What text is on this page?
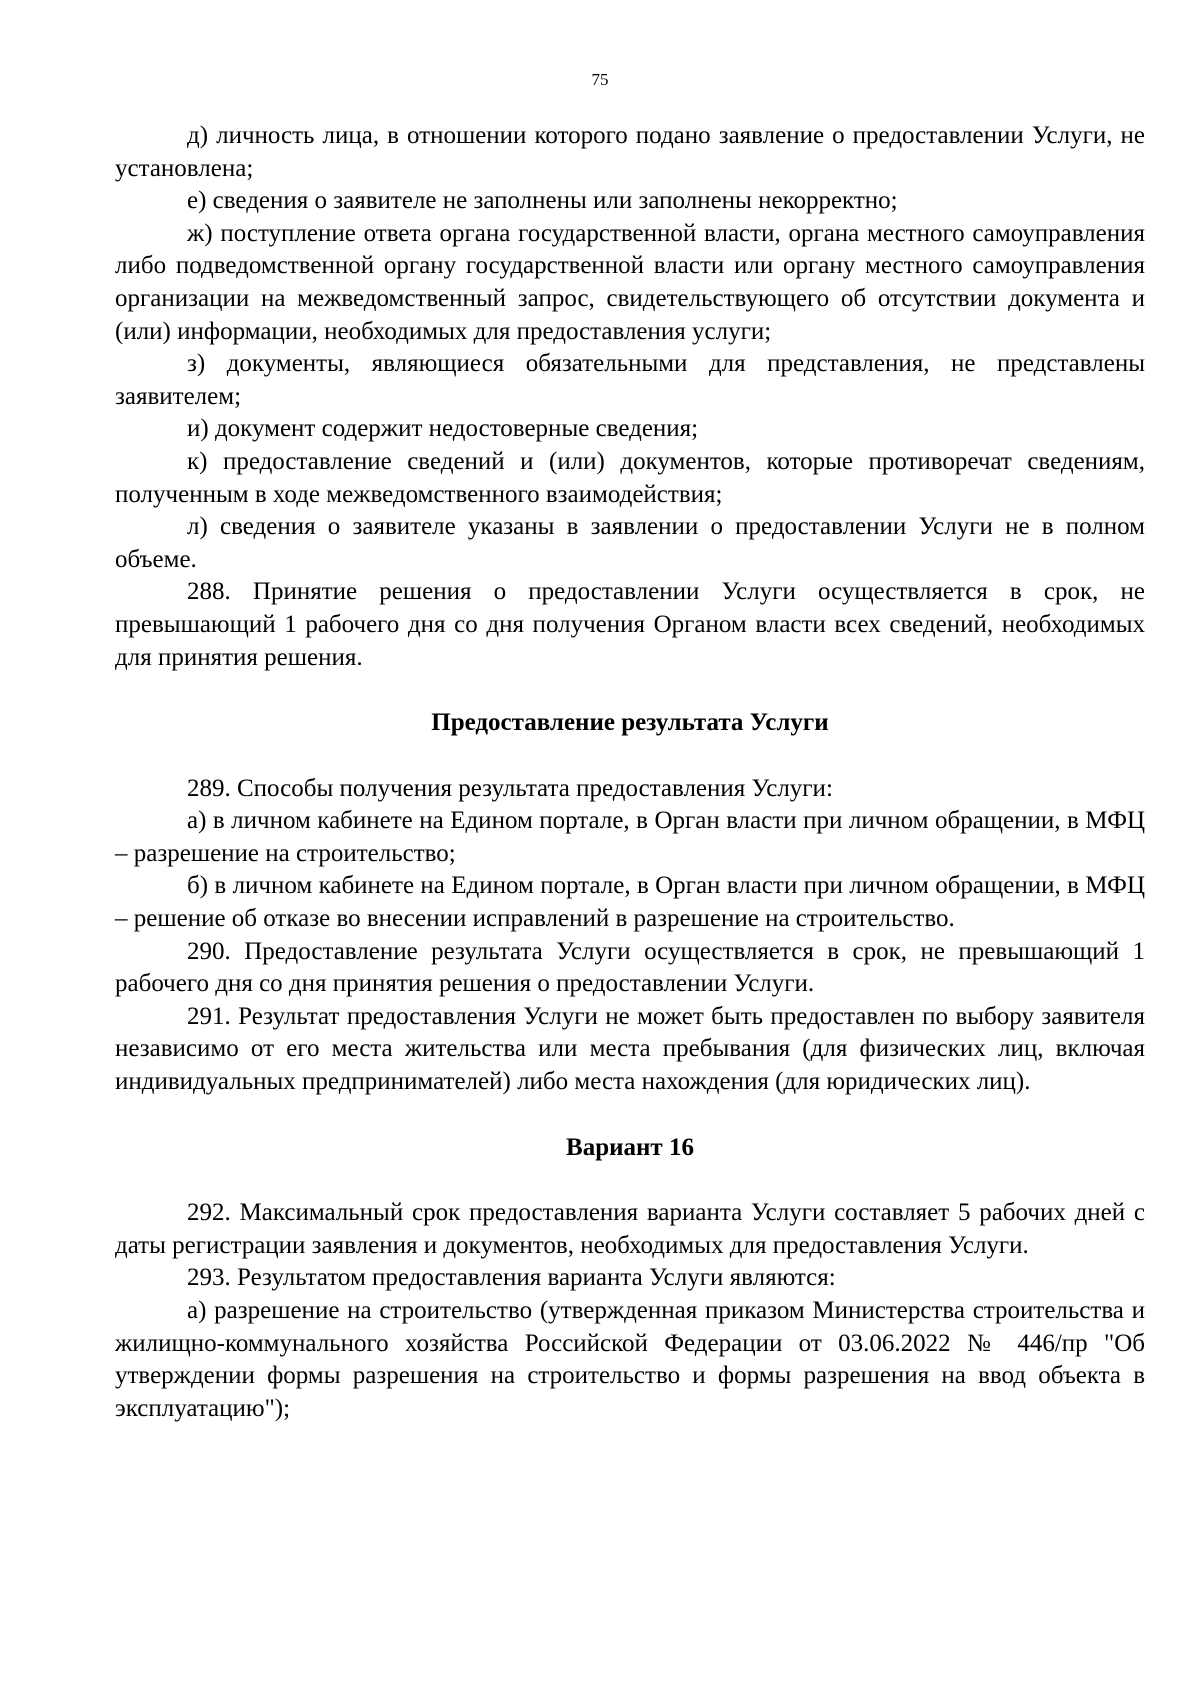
75

д) личность лица, в отношении которого подано заявление о предоставлении Услуги, не установлена;

е) сведения о заявителе не заполнены или заполнены некорректно;

ж) поступление ответа органа государственной власти, органа местного самоуправления либо подведомственной органу государственной власти или органу местного самоуправления организации на межведомственный запрос, свидетельствующего об отсутствии документа и (или) информации, необходимых для предоставления услуги;

з) документы, являющиеся обязательными для представления, не представлены заявителем;

и) документ содержит недостоверные сведения;

к) предоставление сведений и (или) документов, которые противоречат сведениям, полученным в ходе межведомственного взаимодействия;

л) сведения о заявителе указаны в заявлении о предоставлении Услуги не в полном объеме.

288. Принятие решения о предоставлении Услуги осуществляется в срок, не превышающий 1 рабочего дня со дня получения Органом власти всех сведений, необходимых для принятия решения.

Предоставление результата Услуги

289. Способы получения результата предоставления Услуги:

а) в личном кабинете на Едином портале, в Орган власти при личном обращении, в МФЦ – разрешение на строительство;

б) в личном кабинете на Едином портале, в Орган власти при личном обращении, в МФЦ – решение об отказе во внесении исправлений в разрешение на строительство.

290. Предоставление результата Услуги осуществляется в срок, не превышающий 1 рабочего дня со дня принятия решения о предоставлении Услуги.

291. Результат предоставления Услуги не может быть предоставлен по выбору заявителя независимо от его места жительства или места пребывания (для физических лиц, включая индивидуальных предпринимателей) либо места нахождения (для юридических лиц).

Вариант 16

292. Максимальный срок предоставления варианта Услуги составляет 5 рабочих дней с даты регистрации заявления и документов, необходимых для предоставления Услуги.

293. Результатом предоставления варианта Услуги являются:

а) разрешение на строительство (утвержденная приказом Министерства строительства и жилищно-коммунального хозяйства Российской Федерации от 03.06.2022 № 446/пр "Об утверждении формы разрешения на строительство и формы разрешения на ввод объекта в эксплуатацию");
